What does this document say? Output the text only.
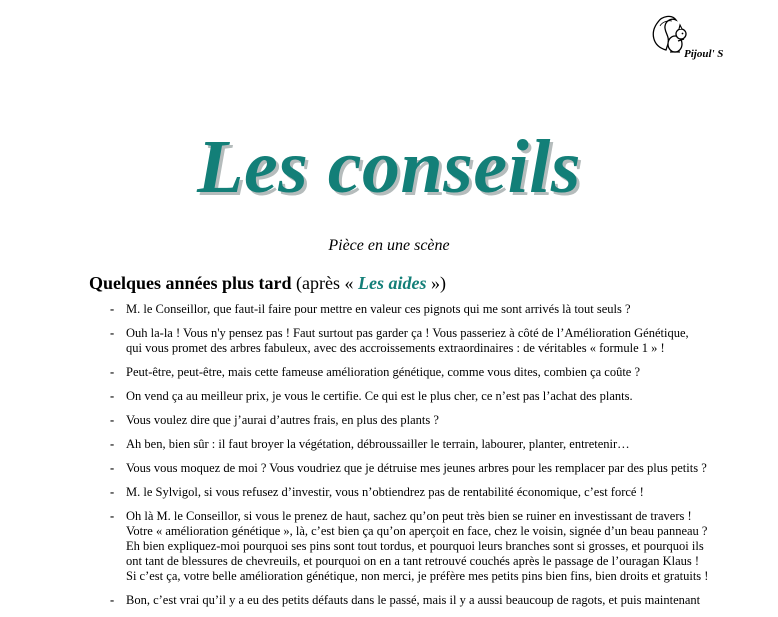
Pijoul' S
Les conseils
Pièce en une scène
Quelques années plus tard (après « Les aides »)
- M. le Conseillor, que faut-il faire pour mettre en valeur ces pignots qui me sont arrivés là tout seuls ?
- Ouh la-la ! Vous n'y pensez pas ! Faut surtout pas garder ça ! Vous passeriez à côté de l’Amélioration Génétique,
qui vous promet des arbres fabuleux, avec des accroissements extraordinaires : de véritables « formule 1 » !
- Peut-être, peut-être, mais cette fameuse amélioration génétique, comme vous dites, combien ça coûte ?
- On vend ça au meilleur prix, je vous le certifie. Ce qui est le plus cher, ce n’est pas l’achat des plants.
- Vous voulez dire que j’aurai d’autres frais, en plus des plants ?
- Ah ben, bien sûr : il faut broyer la végétation, débroussailler le terrain, labourer, planter, entretenir…
- Vous vous moquez de moi ? Vous voudriez que je détruise mes jeunes arbres pour les remplacer par des plus petits ?
- M. le Sylvigol, si vous refusez d’investir, vous n’obtiendrez pas de rentabilité économique, c’est forcé !
- Oh là M. le Conseillor, si vous le prenez de haut, sachez qu’on peut très bien se ruiner en investissant de travers !
Votre « amélioration génétique », là, c’est bien ça qu’on aperçoit en face, chez le voisin, signée d’un beau panneau ?
Eh bien expliquez-moi pourquoi ses pins sont tout tordus, et pourquoi leurs branches sont si grosses, et pourquoi ils
ont tant de blessures de chevreuils, et pourquoi on en a tant retrouvé couchés après le passage de l’ouragan Klaus !
Si c’est ça, votre belle amélioration génétique, non merci, je préfère mes petits pins bien fins, bien droits et gratuits !
- Bon, c’est vrai qu’il y a eu des petits défauts dans le passé, mais il y a aussi beaucoup de ragots, et puis maintenant
